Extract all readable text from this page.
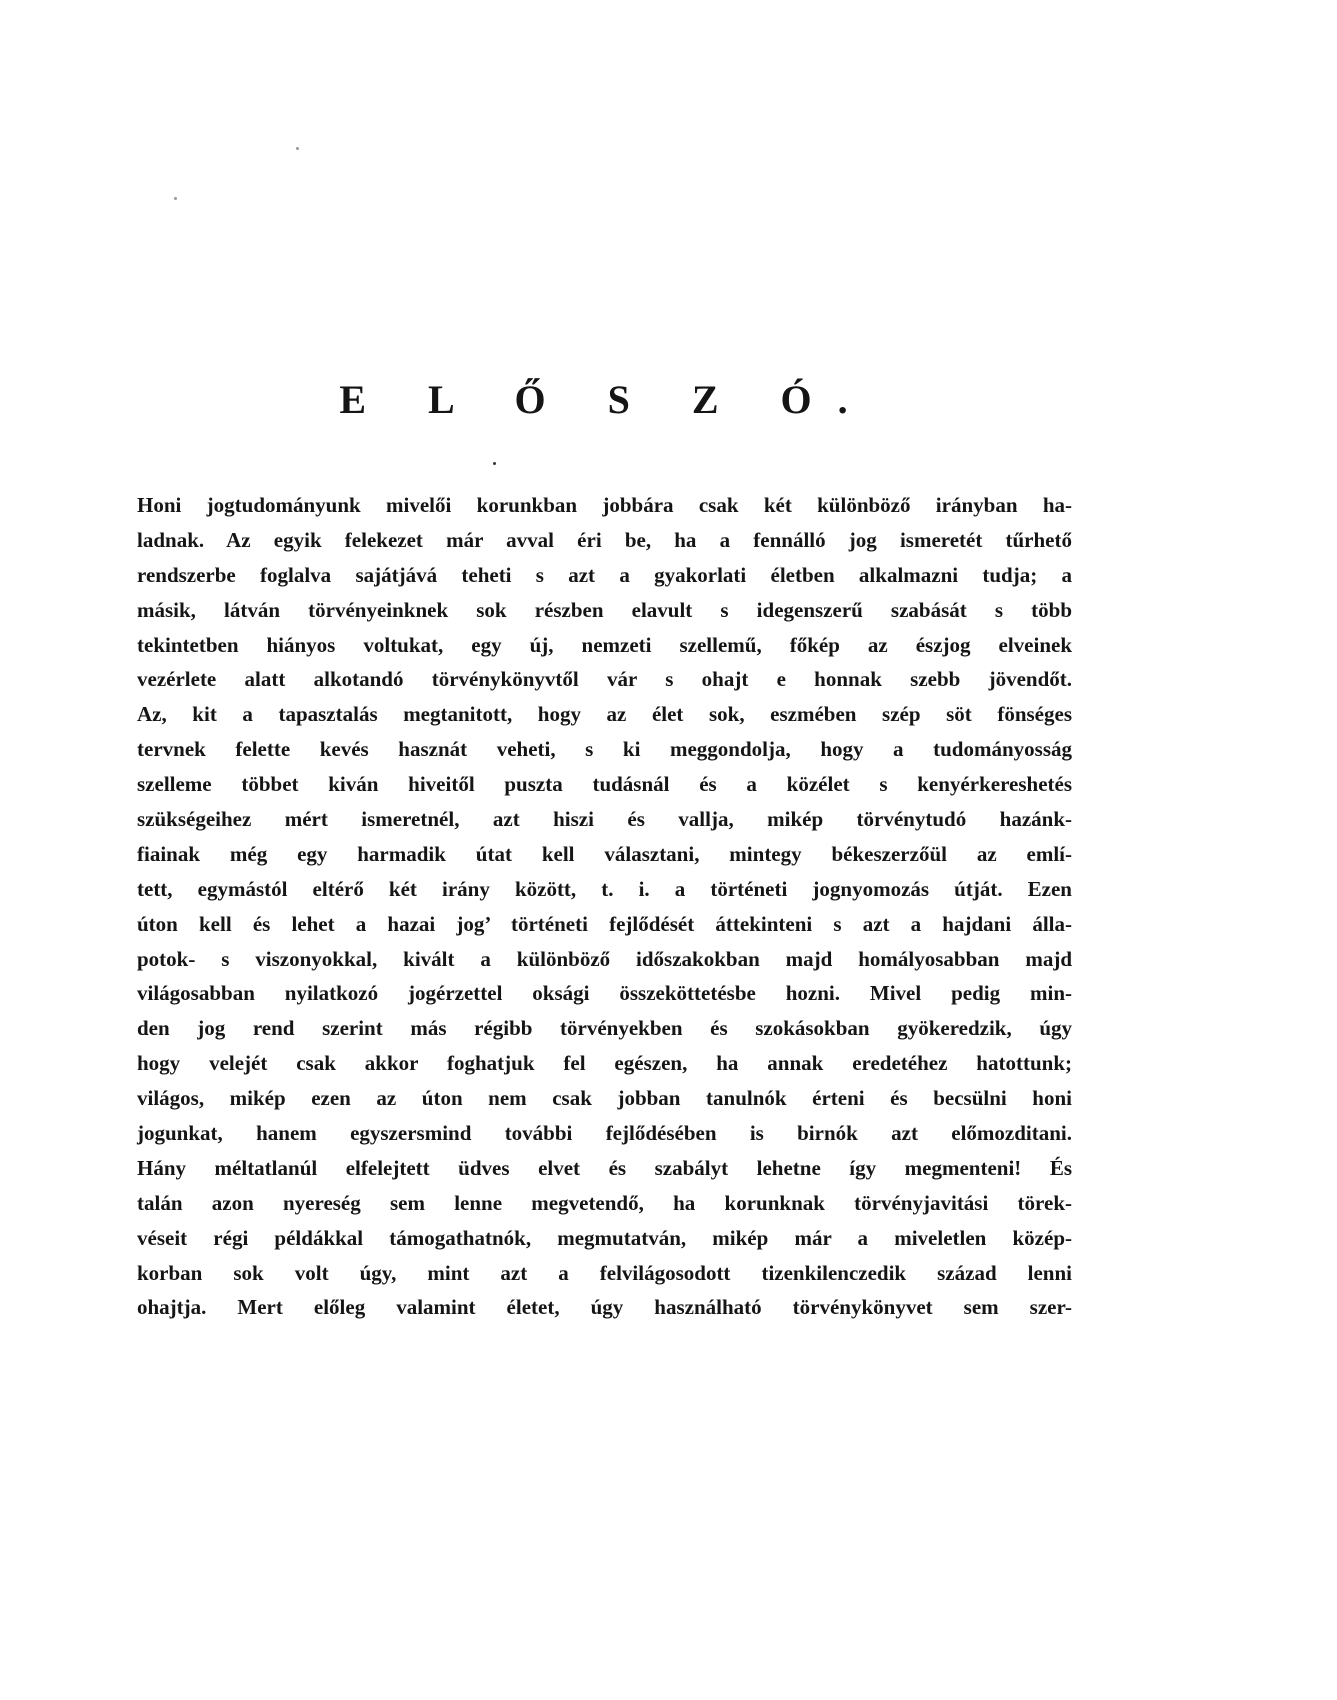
E L Ő S Z Ó.
Honi jogtudományunk mivelői korunkban jobbára csak két különböző irányban ha-
ladnak. Az egyik felekezet már avval éri be, ha a fennálló jog ismeretét tűrhető
rendszerbe foglalva sajátjává teheti s azt a gyakorlati életben alkalmazni tudja; a
másik, látván törvényeinknek sok részben elavult s idegenszerű szabását s több
tekintetben hiányos voltukat, egy új, nemzeti szellemű, főkép az észjog elveinek
vezérlete alatt alkotandó törvénykönyvtől vár s ohajt e honnak szebb jövendőt.
Az, kit a tapasztalás megtanitott, hogy az élet sok, eszmében szép söt fönséges
tervnek felette kevés hasznát veheti, s ki meggondolja, hogy a tudományosság
szelleme többet kiván hiveitől puszta tudásnál és a közélet s kenyérkereshetés
szükségeihez mért ismeretnél, azt hiszi és vallja, mikép törvénytudó hazánk-
fiainak még egy harmadik útat kell választani, mintegy békeszerzőül az emlí-
tett, egymástól eltérő két irány között, t. i. a történeti jognyomozás útját. Ezen
úton kell és lehet a hazai jog’ történeti fejlődését áttekinteni s azt a hajdani álla-
potok- s viszonyokkal, kivált a különböző időszakokban majd homályosabban majd
világosabban nyilatkozó jogérzettel oksági összeköttetésbe hozni. Mivel pedig min-
den jog rend szerint más régibb törvényekben és szokásokban gyökeredzik, úgy
hogy velejét csak akkor foghatjuk fel egészen, ha annak eredetéhez hatottunk;
világos, mikép ezen az úton nem csak jobban tanulnók érteni és becsülni honi
jogunkat, hanem egyszersmind további fejlődésében is birnók azt előmozditani.
Hány méltatlanúl elfelejtett üdves elvet és szabályt lehetne így megmenteni! És
talán azon nyereség sem lenne megvetendő, ha korunknak törvényjavitási törek-
véseit régi példákkal támogathatnók, megmutatván, mikép már a miveletlen közép-
korban sok volt úgy, mint azt a felvilágosodott tizenkilenczedik század lenni
ohajtja. Mert előleg valamint életet, úgy használható törvénykönyvet sem szer-
